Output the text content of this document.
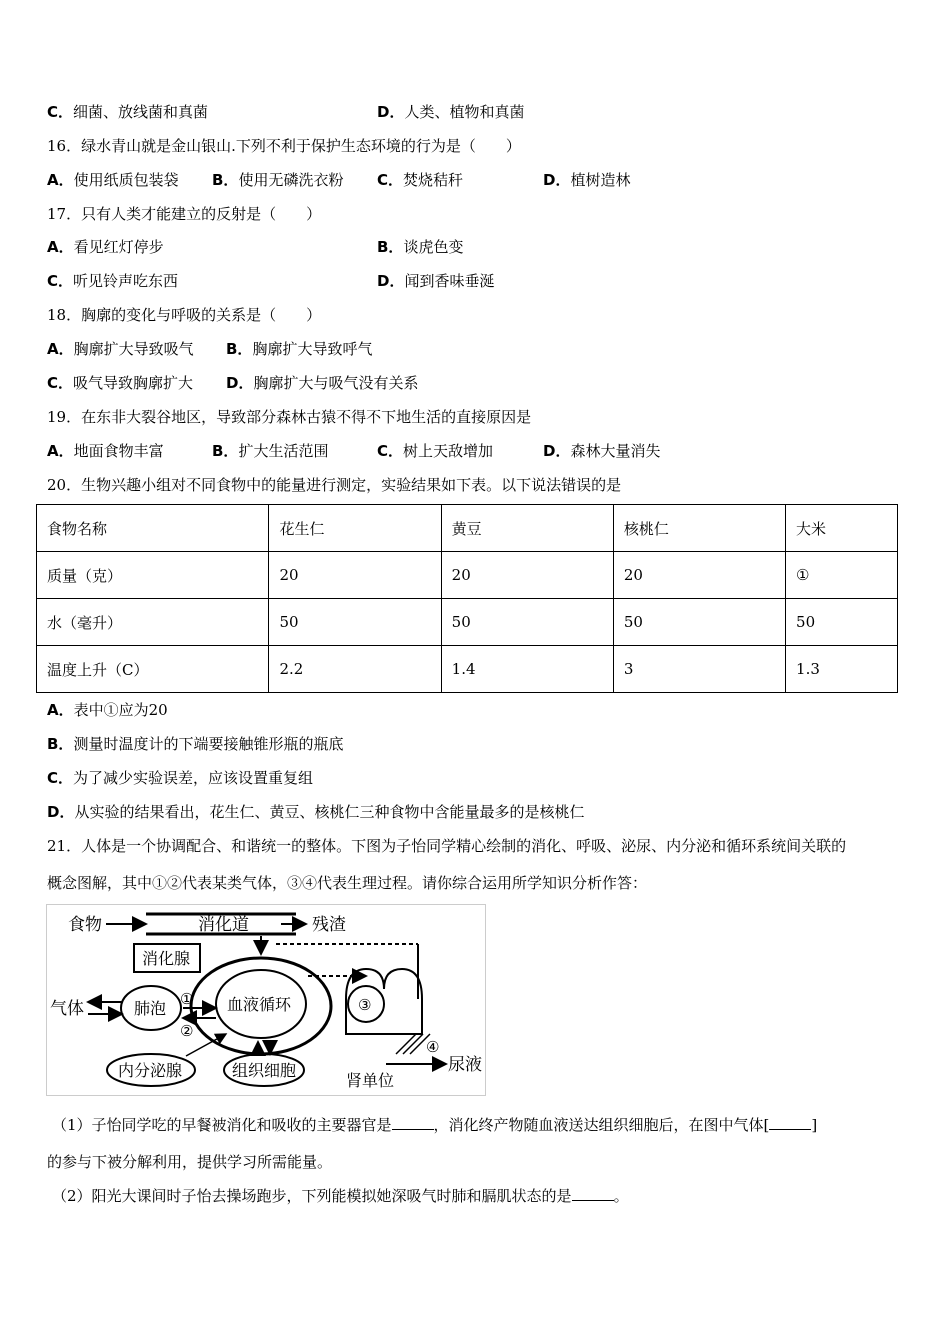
C．细菌、放线菌和真菌	D．人类、植物和真菌
16．绿水青山就是金山银山.下列不利于保护生态环境的行为是（　　）
A．使用纸质包装袋 B．使用无磷洗衣粉 C．焚烧秸秆	D．植树造林
17．只有人类才能建立的反射是（　　）
A．看见红灯停步	B．谈虎色变
C．听见铃声吃东西	D．闻到香味垂涎
18．胸廓的变化与呼吸的关系是（　　）
A．胸廓扩大导致吸气 B．胸廓扩大导致呼气
C．吸气导致胸廓扩大 D．胸廓扩大与吸气没有关系
19．在东非大裂谷地区，导致部分森林古猿不得不下地生活的直接原因是
A．地面食物丰富	B．扩大生活范围	C．树上天敌增加	D．森林大量消失
20．生物兴趣小组对不同食物中的能量进行测定，实验结果如下表。以下说法错误的是
食物名称	花生仁	黄豆	核桃仁	大米
质量（克）	20	20	20	①
水（毫升）	50	50	50	50
温度上升（C）	2.2	1.4	3	1.3
A．表中①应为20
B．测量时温度计的下端要接触锥形瓶的瓶底
C．为了减少实验误差，应该设置重复组
D．从实验的结果看出，花生仁、黄豆、核桃仁三种食物中含能量最多的是核桃仁
21．人体是一个协调配合、和谐统一的整体。下图为子怡同学精心绘制的消化、呼吸、泌尿、内分泌和循环系统间关联的
概念图解，其中①②代表某类气体，③④代表生理过程。请你综合运用所学知识分析作答：
食物	消化道	残渣
消化腺
气体	肺泡 ①
②
血液循环	③
④
尿液
肾单位
内分泌腺	组织细胞
（1）子怡同学吃的早餐被消化和吸收的主要器官是	，消化终产物随血液送达组织细胞后，在图中气体[	]
的参与下被分解利用，提供学习所需能量。
（2）阳光大课间时子怡去操场跑步，下列能模拟她深吸气时肺和膈肌状态的是	。
